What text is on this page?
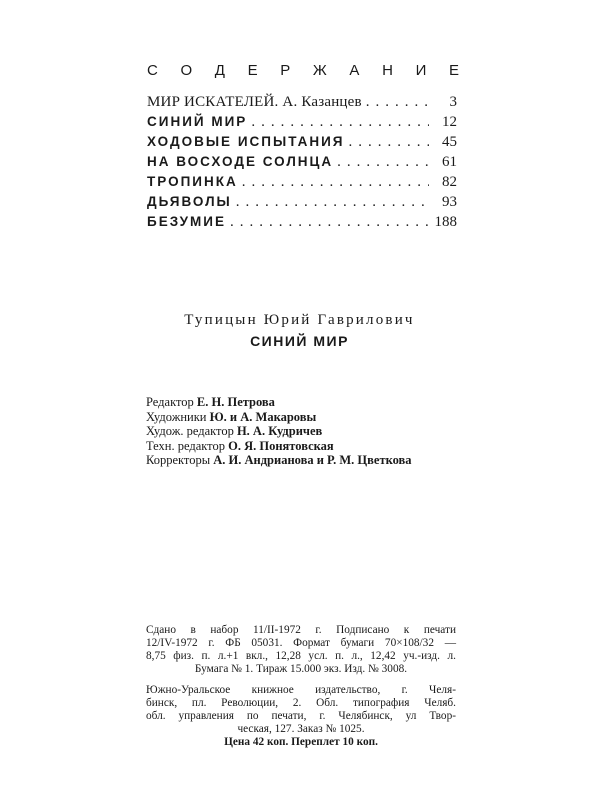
С О Д Е Р Ж А Н И Е
МИР ИСКАТЕЛЕЙ. А. Казанцев .....	3
СИНИЙ МИР .....	12
ХОДОВЫЕ ИСПЫТАНИЯ .....	45
НА ВОСХОДЕ СОЛНЦА .....	61
ТРОПИНКА .....	82
ДЬЯВОЛЫ .....	93
БЕЗУМИЕ .....	188
Тупицын Юрий Гаврилович
СИНИЙ МИР
Редактор Е. Н. Петрова
Художники Ю. и А. Макаровы
Худож. редактор Н. А. Кудричев
Техн. редактор О. Я. Понятовская
Корректоры А. И. Андрианова и Р. М. Цветкова

Сдано в набор 11/II-1972 г. Подписано к печати

12/IV-1972 г. ФБ 05031. Формат бумаги 70×108/32 —

8,75 физ. п. л.+1 вкл., 12,28 усл. п. л., 12,42 уч.-изд. л.

Бумага № 1. Тираж 15.000 экз. Изд. № 3008.

Южно-Уральское книжное издательство, г. Челя-

бинск, пл. Революции, 2. Обл. типография Челяб.

обл. управления по печати, г. Челябинск, ул Твор-

ческая, 127. Заказ № 1025.

Цена 42 коп. Переплет 10 коп.
